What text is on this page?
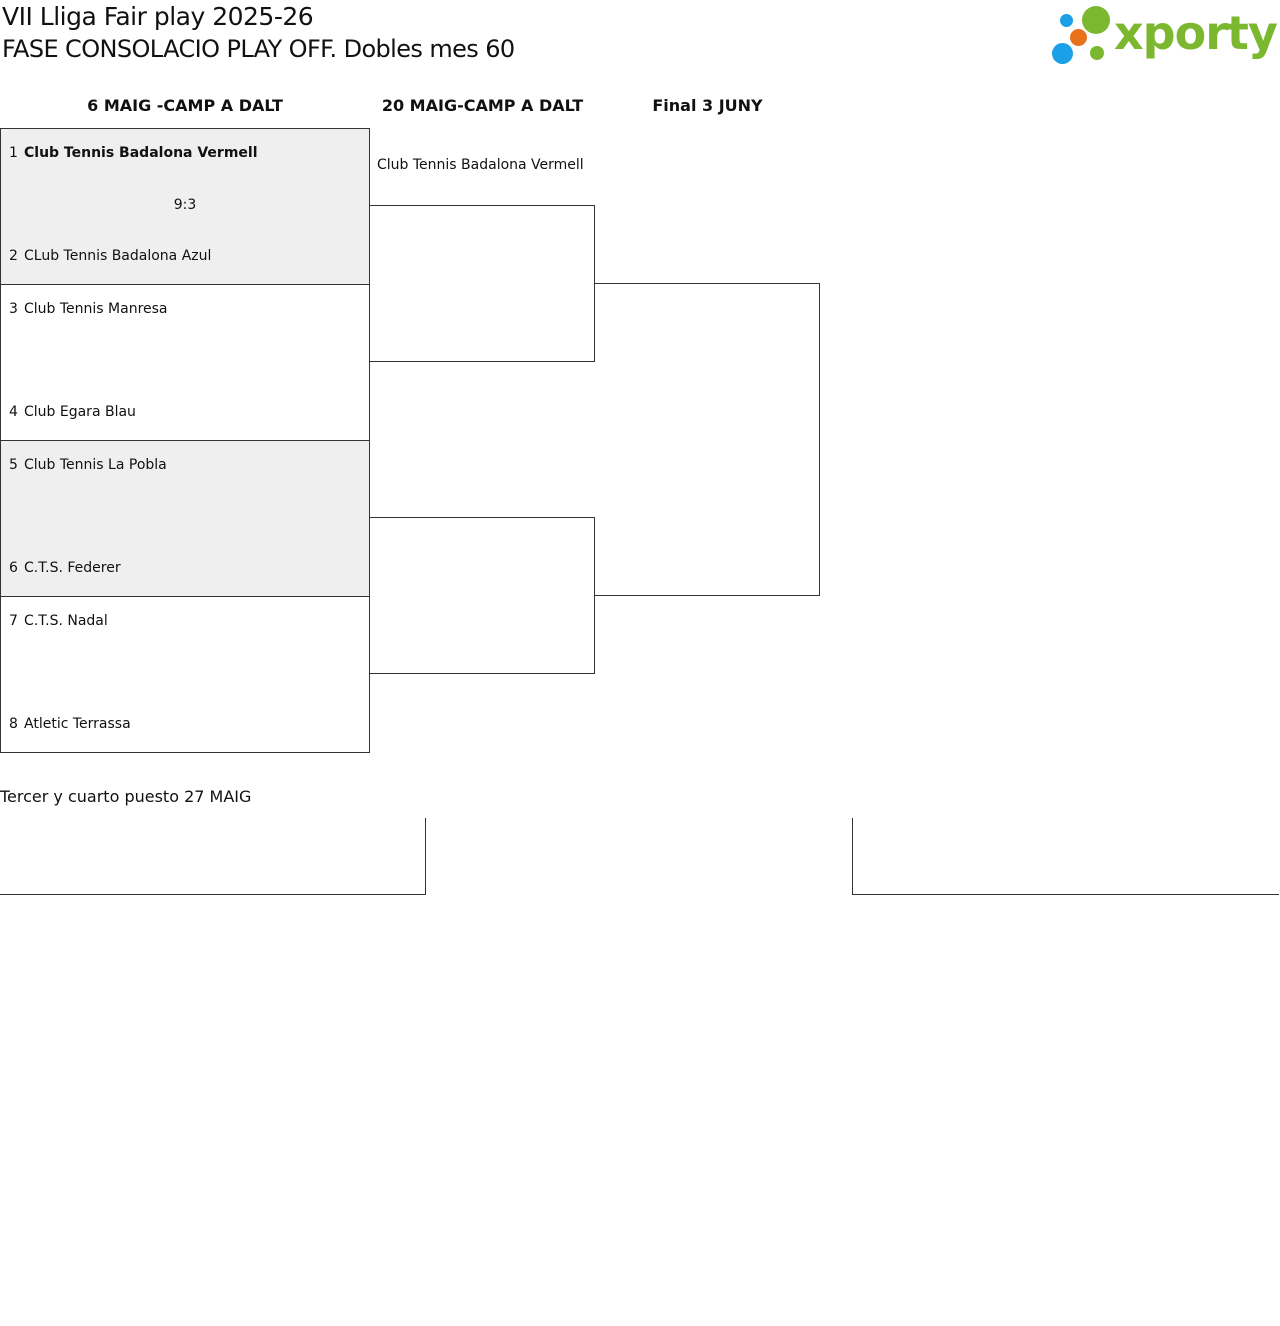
VII Lliga Fair play 2025-26
FASE CONSOLACIO PLAY OFF. Dobles mes 60	xporty
6 MAIG -CAMP A DALT	20 MAIG-CAMP A DALT	Final 3 JUNY
1 Club Tennis Badalona Vermell
9:3
2 CLub Tennis Badalona Azul
3 Club Tennis Manresa
4 Club Egara Blau
5 Club Tennis La Pobla
6 C.T.S. Federer
7 C.T.S. Nadal
8 Atletic Terrassa
Club Tennis Badalona Vermell
Tercer y cuarto puesto 27 MAIG
